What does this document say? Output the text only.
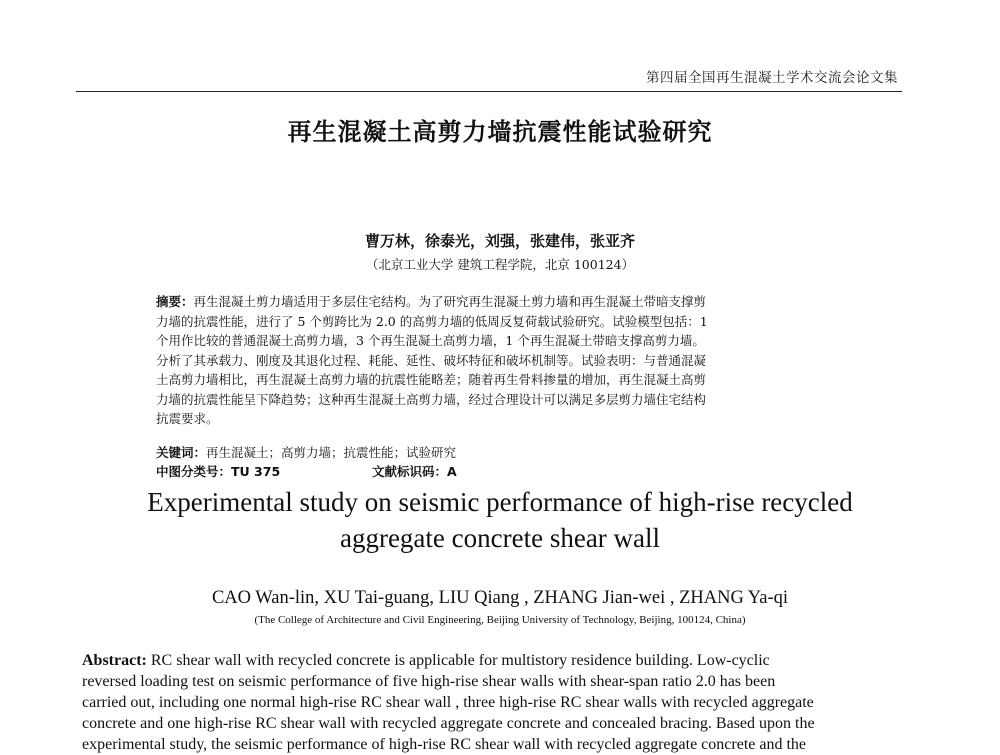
第四届全国再生混凝土学术交流会论文集
再生混凝土高剪力墙抗震性能试验研究
曹万林，徐泰光，刘强，张建伟，张亚齐
（北京工业大学 建筑工程学院，北京 100124）
摘要：再生混凝土剪力墙适用于多层住宅结构。为了研究再生混凝土剪力墙和再生混凝土带暗支撑剪
力墙的抗震性能，进行了 5 个剪跨比为 2.0 的高剪力墙的低周反复荷载试验研究。试验模型包括：1
个用作比较的普通混凝土高剪力墙，3 个再生混凝土高剪力墙，1 个再生混凝土带暗支撑高剪力墙。
分析了其承载力、刚度及其退化过程、耗能、延性、破坏特征和破坏机制等。试验表明：与普通混凝
土高剪力墙相比，再生混凝土高剪力墙的抗震性能略差；随着再生骨料掺量的增加，再生混凝土高剪
力墙的抗震性能呈下降趋势；这种再生混凝土高剪力墙，经过合理设计可以满足多层剪力墙住宅结构
抗震要求。
关键词：再生混凝土；高剪力墙；抗震性能；试验研究
中图分类号：TU 375	文献标识码：A
Experimental study on seismic performance of high-rise recycled
aggregate concrete shear wall
CAO Wan-lin, XU Tai-guang, LIU Qiang , ZHANG Jian-wei , ZHANG Ya-qi
(The College of Architecture and Civil Engineering, Beijing University of Technology, Beijing, 100124, China)
Abstract: RC shear wall with recycled concrete is applicable for multistory residence building. Low-cyclic
reversed loading test on seismic performance of five high-rise shear walls with shear-span ratio 2.0 has been
carried out, including one normal high-rise RC shear wall , three high-rise RC shear walls with recycled aggregate
concrete and one high-rise RC shear wall with recycled aggregate concrete and concealed bracing. Based upon the
experimental study, the seismic performance of high-rise RC shear wall with recycled aggregate concrete and the
